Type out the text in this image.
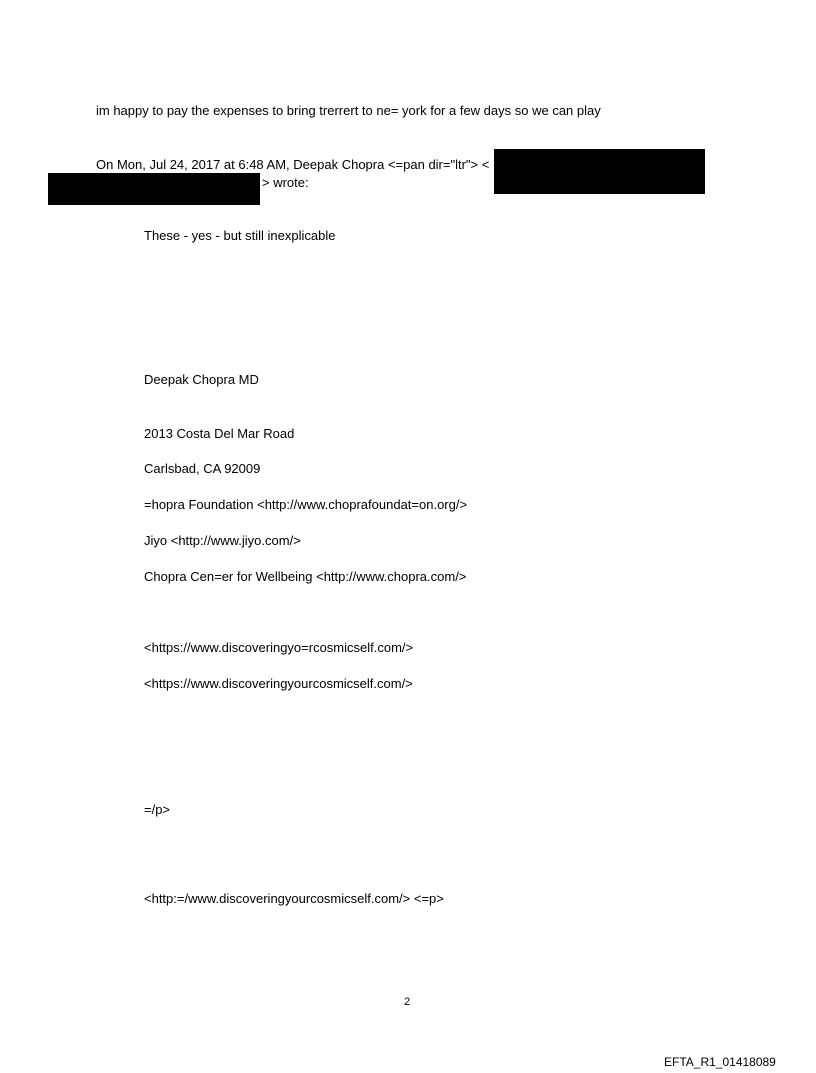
im happy to pay the expenses to bring trerrert to ne= york for a few days so we can play
On Mon, Jul 24, 2017 at 6:48 AM, Deepak Chopra <=pan dir="ltr"> <
> wrote:
These - yes - but still inexplicable
Deepak Chopra MD
2013 Costa Del Mar Road
Carlsbad, CA 92009
=hopra Foundation <http://www.choprafoundat=on.org/>
Jiyo <http://www.jiyo.com/>
Chopra Cen=er for Wellbeing <http://www.chopra.com/>
<https://www.discoveringyo=rcosmicself.com/>
<https://www.discoveringyourcosmicself.com/>
=/p>
<http:=/www.discoveringyourcosmicself.com/> <=p>
2
EFTA_R1_01418089
